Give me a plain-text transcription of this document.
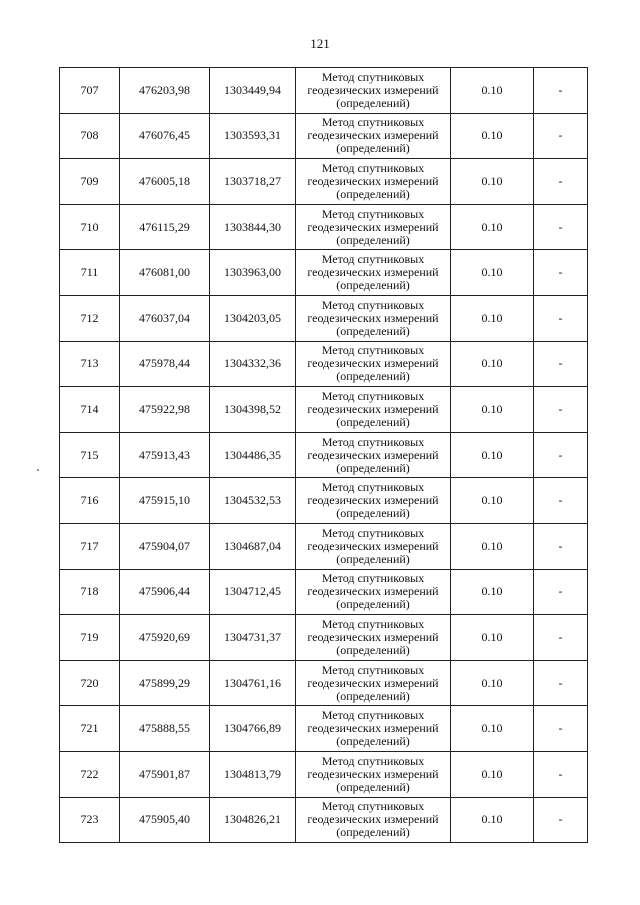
121
707	476203,98	1303449,94	Метод спутниковых
геодезических измерений
(определений)	0.10	-
708	476076,45	1303593,31	Метод спутниковых
геодезических измерений
(определений)	0.10	-
709	476005,18	1303718,27	Метод спутниковых
геодезических измерений
(определений)	0.10	-
710	476115,29	1303844,30	Метод спутниковых
геодезических измерений
(определений)	0.10	-
711	476081,00	1303963,00	Метод спутниковых
геодезических измерений
(определений)	0.10	-
712	476037,04	1304203,05	Метод спутниковых
геодезических измерений
(определений)	0.10	-
713	475978,44	1304332,36	Метод спутниковых
геодезических измерений
(определений)	0.10	-
714	475922,98	1304398,52	Метод спутниковых
геодезических измерений
(определений)	0.10	-
715	475913,43	1304486,35	Метод спутниковых
геодезических измерений
(определений)	0.10	-
716	475915,10	1304532,53	Метод спутниковых
геодезических измерений
(определений)	0.10	-
717	475904,07	1304687,04	Метод спутниковых
геодезических измерений
(определений)	0.10	-
718	475906,44	1304712,45	Метод спутниковых
геодезических измерений
(определений)	0.10	-
719	475920,69	1304731,37	Метод спутниковых
геодезических измерений
(определений)	0.10	-
720	475899,29	1304761,16	Метод спутниковых
геодезических измерений
(определений)	0.10	-
721	475888,55	1304766,89	Метод спутниковых
геодезических измерений
(определений)	0.10	-
722	475901,87	1304813,79	Метод спутниковых
геодезических измерений
(определений)	0.10	-
723	475905,40	1304826,21	Метод спутниковых
геодезических измерений
(определений)	0.10	-
